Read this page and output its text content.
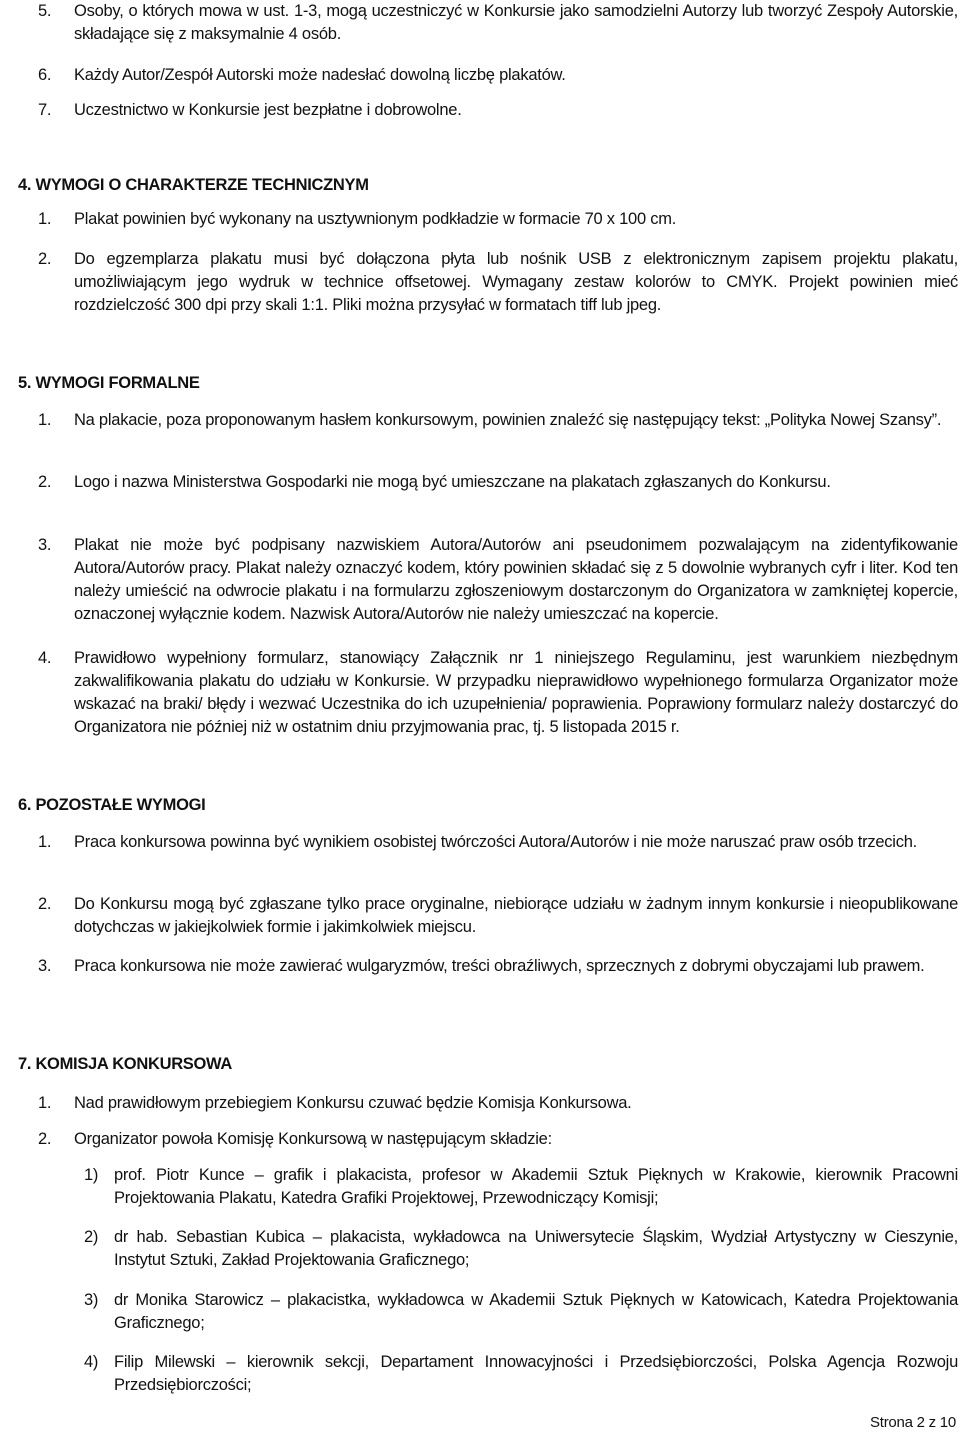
5.	Osoby, o których mowa w ust. 1-3, mogą uczestniczyć w Konkursie jako samodzielni Autorzy lub tworzyć Zespoły Autorskie, składające się z maksymalnie 4 osób.
6.	Każdy Autor/Zespół Autorski może nadesłać dowolną liczbę plakatów.
7.	Uczestnictwo w Konkursie jest bezpłatne i dobrowolne.
4. WYMOGI O CHARAKTERZE TECHNICZNYM
1.	Plakat powinien być wykonany na usztywnionym podkładzie w formacie 70 x 100 cm.
2.	Do egzemplarza plakatu musi być dołączona płyta lub nośnik USB z elektronicznym zapisem projektu plakatu, umożliwiającym jego wydruk w technice offsetowej. Wymagany zestaw kolorów to CMYK. Projekt powinien mieć rozdzielczość 300 dpi przy skali 1:1. Pliki można przysyłać w formatach tiff lub jpeg.
5. WYMOGI FORMALNE
1.	Na plakacie, poza proponowanym hasłem konkursowym, powinien znaleźć się następujący tekst: „Polityka Nowej Szansy”.
2.	Logo i nazwa Ministerstwa Gospodarki nie mogą być umieszczane na plakatach zgłaszanych do Konkursu.
3.	Plakat nie może być podpisany nazwiskiem Autora/Autorów ani pseudonimem pozwalającym na zidentyfikowanie Autora/Autorów pracy. Plakat należy oznaczyć kodem, który powinien składać się z 5 dowolnie wybranych cyfr i liter. Kod ten należy umieścić na odwrocie plakatu i na formularzu zgłoszeniowym dostarczonym do Organizatora w zamkniętej kopercie, oznaczonej wyłącznie kodem. Nazwisk Autora/Autorów nie należy umieszczać na kopercie.
4.	Prawidłowo wypełniony formularz, stanowiący Załącznik nr 1 niniejszego Regulaminu, jest warunkiem niezbędnym zakwalifikowania plakatu do udziału w Konkursie. W przypadku nieprawidłowo wypełnionego formularza Organizator może wskazać na braki/ błędy i wezwać Uczestnika do ich uzupełnienia/ poprawienia. Poprawiony formularz należy dostarczyć do Organizatora nie później niż w ostatnim dniu przyjmowania prac, tj. 5 listopada 2015 r.
6. POZOSTAŁE WYMOGI
1.	Praca konkursowa powinna być wynikiem osobistej twórczości Autora/Autorów i nie może naruszać praw osób trzecich.
2.	Do Konkursu mogą być zgłaszane tylko prace oryginalne, niebiorące udziału w żadnym innym konkursie i nieopublikowane dotychczas w jakiejkolwiek formie i jakimkolwiek miejscu.
3.	Praca konkursowa nie może zawierać wulgaryzmów, treści obraźliwych, sprzecznych z dobrymi obyczajami lub prawem.
7. KOMISJA KONKURSOWA
1.	Nad prawidłowym przebiegiem Konkursu czuwać będzie Komisja Konkursowa.
2.	Organizator powoła Komisję Konkursową w następującym składzie:
1) prof. Piotr Kunce – grafik i plakacista, profesor w Akademii Sztuk Pięknych w Krakowie, kierownik Pracowni Projektowania Plakatu, Katedra Grafiki Projektowej, Przewodniczący Komisji;
2) dr hab. Sebastian Kubica – plakacista, wykładowca na Uniwersytecie Śląskim, Wydział Artystyczny w Cieszynie, Instytut Sztuki, Zakład Projektowania Graficznego;
3) dr Monika Starowicz – plakacistka, wykładowca w Akademii Sztuk Pięknych w Katowicach, Katedra Projektowania Graficznego;
4) Filip Milewski – kierownik sekcji, Departament Innowacyjności i Przedsiębiorczości, Polska Agencja Rozwoju Przedsiębiorczości;
Strona 2 z 10
